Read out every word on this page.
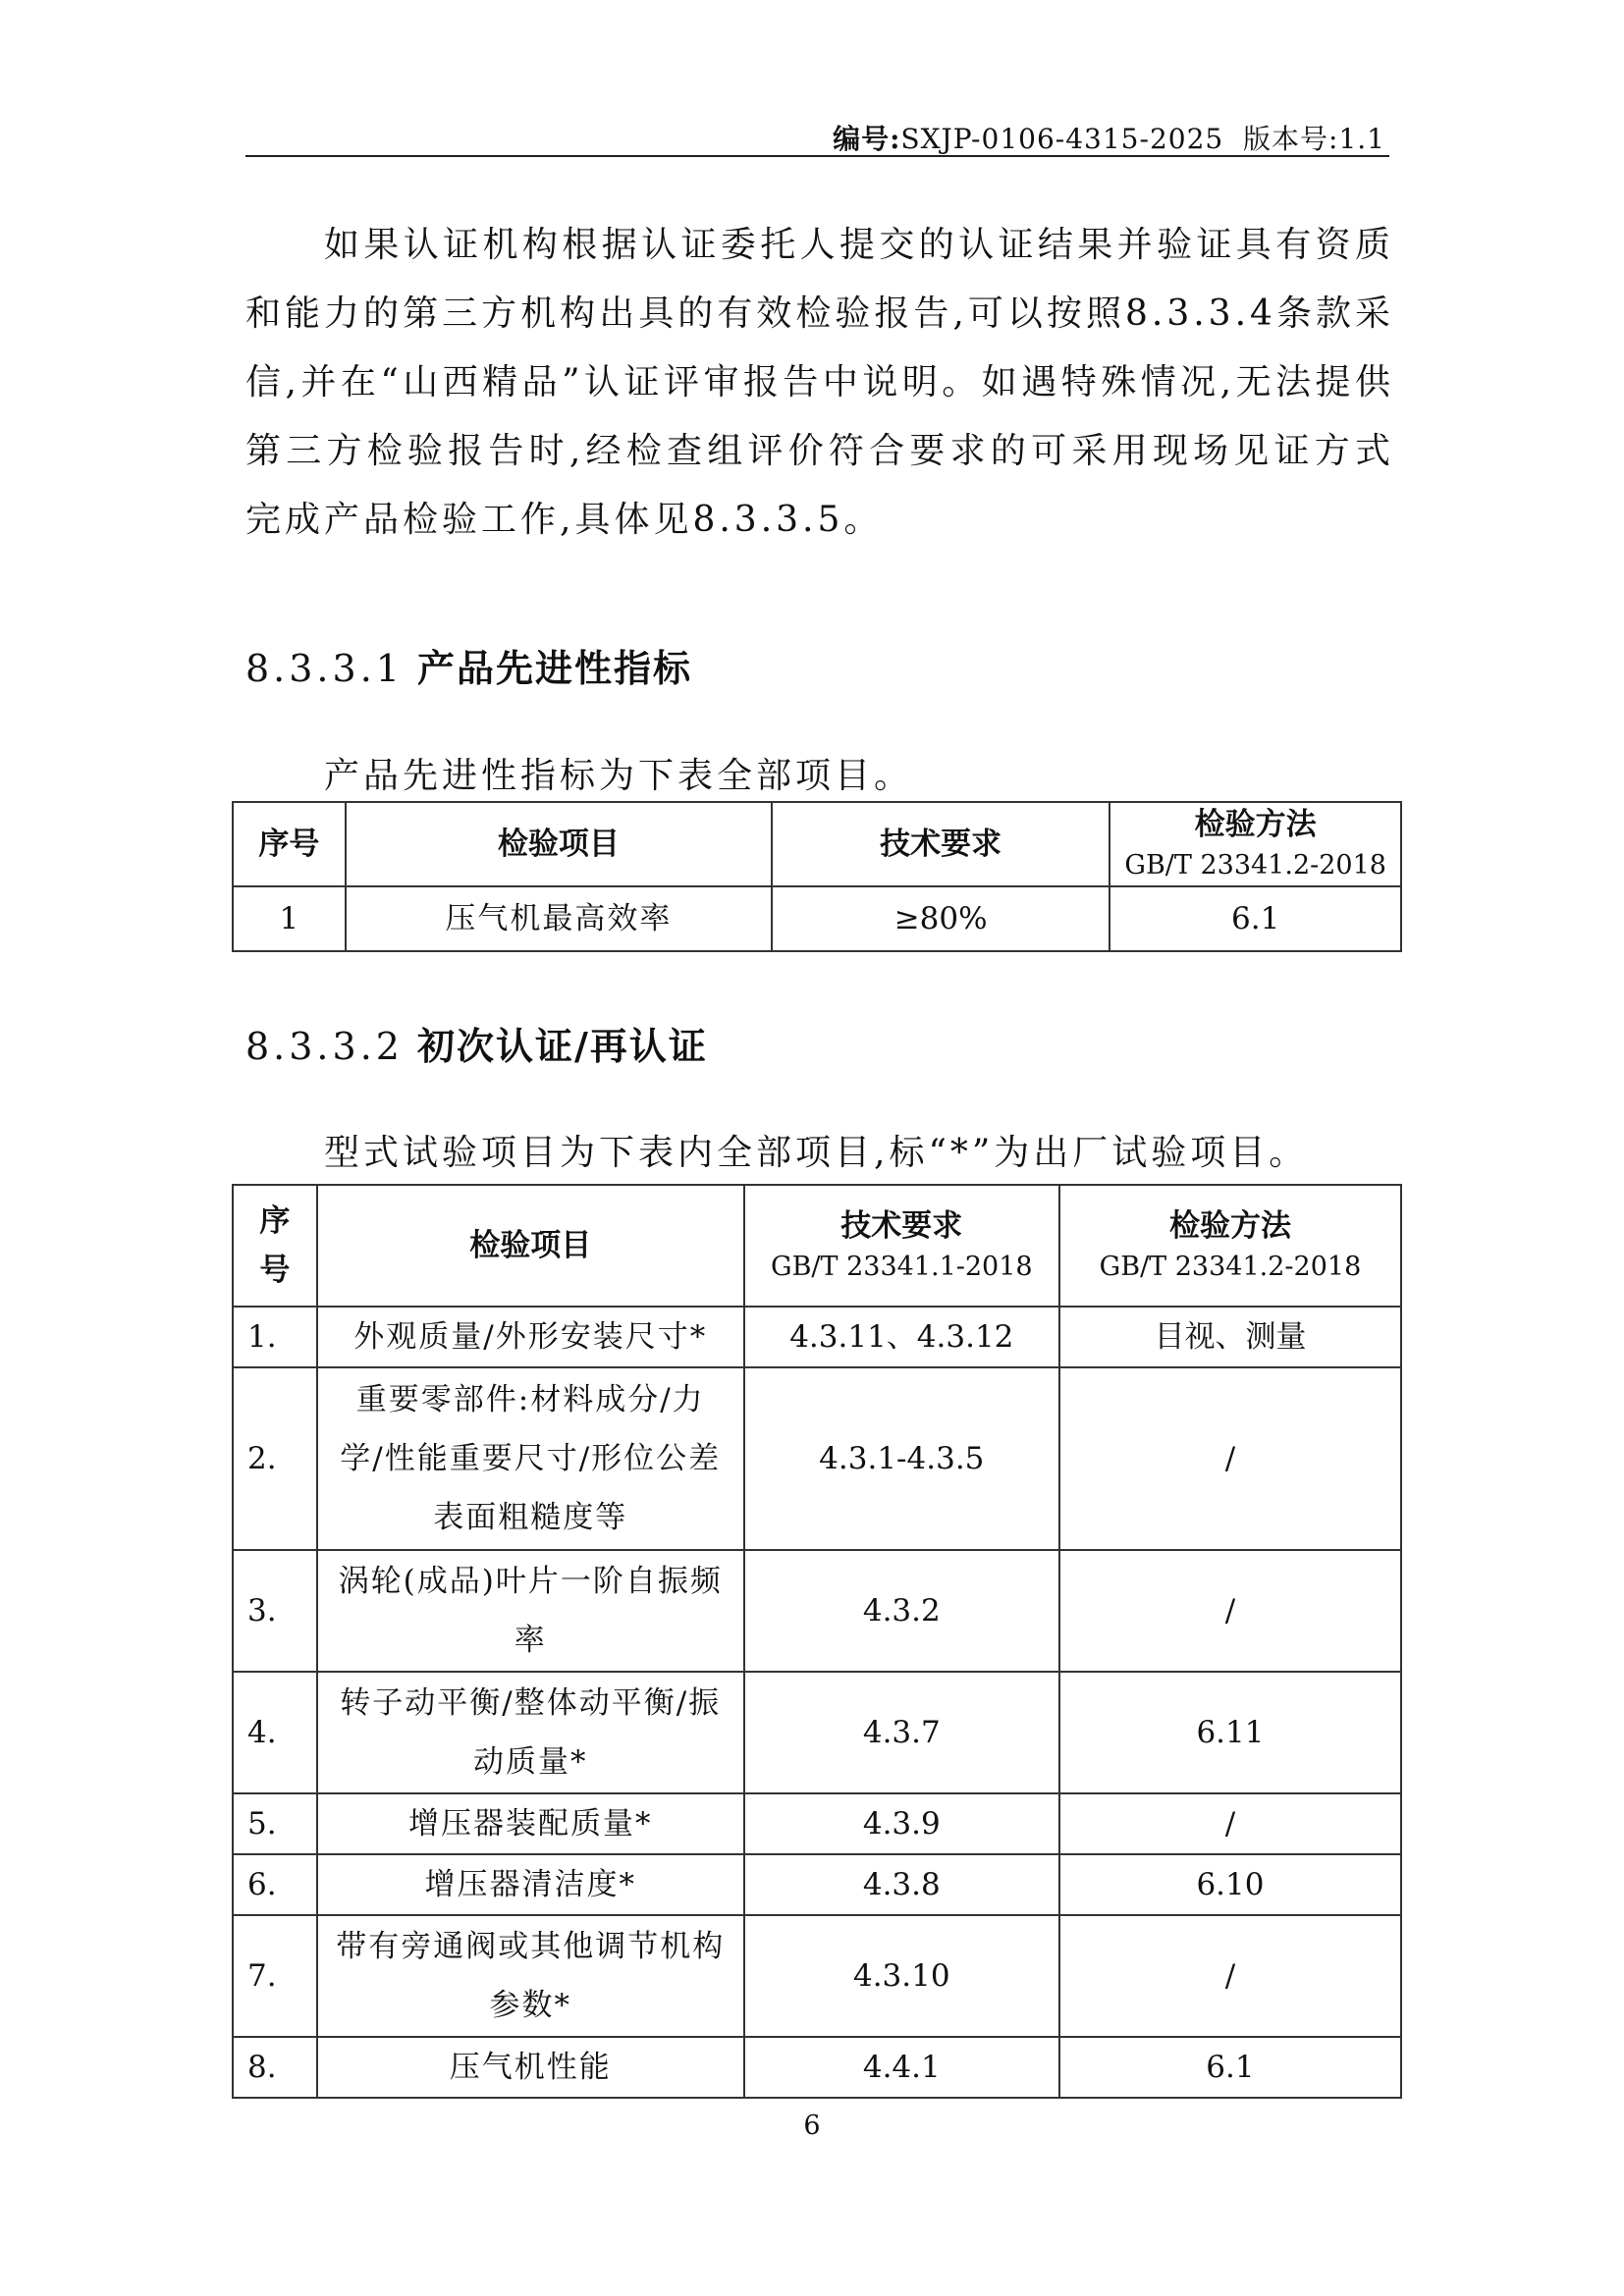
编号:SXJP-0106-4315-2025 版本号:1.1
如果认证机构根据认证委托人提交的认证结果并验证具有资质和能力的第三方机构出具的有效检验报告,可以按照8.3.3.4条款采信,并在“山西精品”认证评审报告中说明。如遇特殊情况,无法提供第三方检验报告时,经检查组评价符合要求的可采用现场见证方式完成产品检验工作,具体见8.3.3.5。
8.3.3.1 产品先进性指标
产品先进性指标为下表全部项目。
序号	检验项目	技术要求	检验方法
GB/T 23341.2-2018

1	压气机最高效率	≥80%	6.1
8.3.3.2 初次认证/再认证
型式试验项目为下表内全部项目,标“*”为出厂试验项目。
序号	检验项目	技术要求
GB/T 23341.1-2018	检验方法
GB/T 23341.2-2018

1.	外观质量/外形安装尺寸*	4.3.11、4.3.12	目视、测量
2.	重要零部件:材料成分/力学/性能重要尺寸/形位公差表面粗糙度等	4.3.1-4.3.5	/
3.	涡轮(成品)叶片一阶自振频率	4.3.2	/
4.	转子动平衡/整体动平衡/振动质量*	4.3.7	6.11
5.	增压器装配质量*	4.3.9	/
6.	增压器清洁度*	4.3.8	6.10
7.	带有旁通阀或其他调节机构参数*	4.3.10	/
8.	压气机性能	4.4.1	6.1
6
